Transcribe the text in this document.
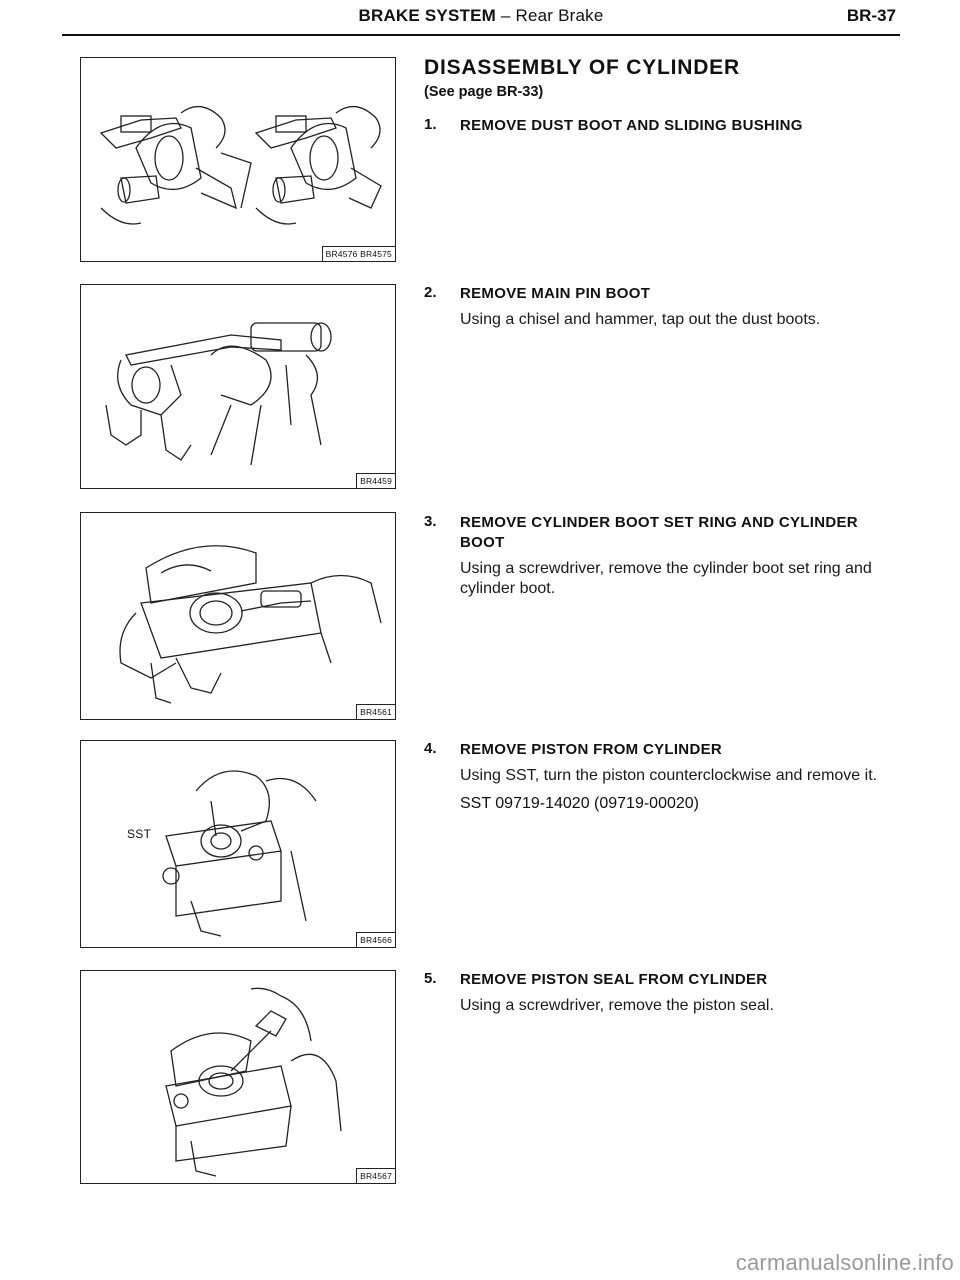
BRAKE SYSTEM – Rear Brake	BR-37
BR4576 BR4575
BR4459
BR4561
SST
BR4566
BR4567
DISASSEMBLY OF CYLINDER
(See page BR-33)
1. REMOVE DUST BOOT AND SLIDING BUSHING
2. REMOVE MAIN PIN BOOT
Using a chisel and hammer, tap out the dust boots.
3. REMOVE CYLINDER BOOT SET RING AND CYLINDER BOOT
Using a screwdriver, remove the cylinder boot set ring and cylinder boot.
4. REMOVE PISTON FROM CYLINDER
Using SST, turn the piston counterclockwise and remove it.
SST 09719-14020 (09719-00020)
5. REMOVE PISTON SEAL FROM CYLINDER
Using a screwdriver, remove the piston seal.
carmanualsonline.info
